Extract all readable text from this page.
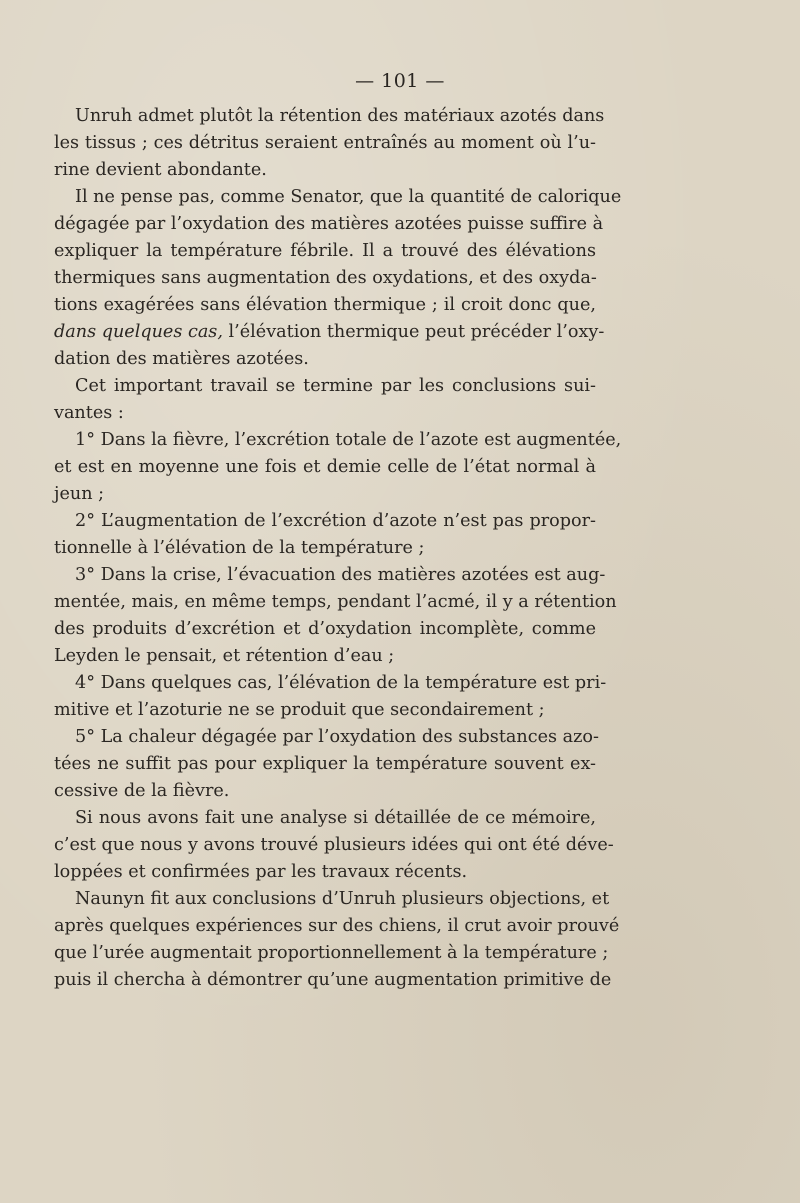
— 101 —
Unruh admet plutôt la rétention des matériaux azotés dans
les tissus ; ces détritus seraient entraînés au moment où l’u-
rine devient abondante.
Il ne pense pas, comme Senator, que la quantité de calorique
dégagée par l’oxydation des matières azotées puisse suffire à
expliquer la température fébrile. Il a trouvé des élévations
thermiques sans augmentation des oxydations, et des oxyda-
tions exagérées sans élévation thermique ; il croit donc que,
dans quelques cas, l’élévation thermique peut précéder l’oxy-
dation des matières azotées.
Cet important travail se termine par les conclusions sui-
vantes :
1° Dans la fièvre, l’excrétion totale de l’azote est augmentée,
et est en moyenne une fois et demie celle de l’état normal à
jeun ;
2° L’augmentation de l’excrétion d’azote n’est pas propor-
tionnelle à l’élévation de la température ;
3° Dans la crise, l’évacuation des matières azotées est aug-
mentée, mais, en même temps, pendant l’acmé, il y a rétention
des produits d’excrétion et d’oxydation incomplète, comme
Leyden le pensait, et rétention d’eau ;
4° Dans quelques cas, l’élévation de la température est pri-
mitive et l’azoturie ne se produit que secondairement ;
5° La chaleur dégagée par l’oxydation des substances azo-
tées ne suffit pas pour expliquer la température souvent ex-
cessive de la fièvre.
Si nous avons fait une analyse si détaillée de ce mémoire,
c’est que nous y avons trouvé plusieurs idées qui ont été déve-
loppées et confirmées par les travaux récents.
Naunyn fit aux conclusions d’Unruh plusieurs objections, et
après quelques expériences sur des chiens, il crut avoir prouvé
que l’urée augmentait proportionnellement à la température ;
puis il chercha à démontrer qu’une augmentation primitive de
